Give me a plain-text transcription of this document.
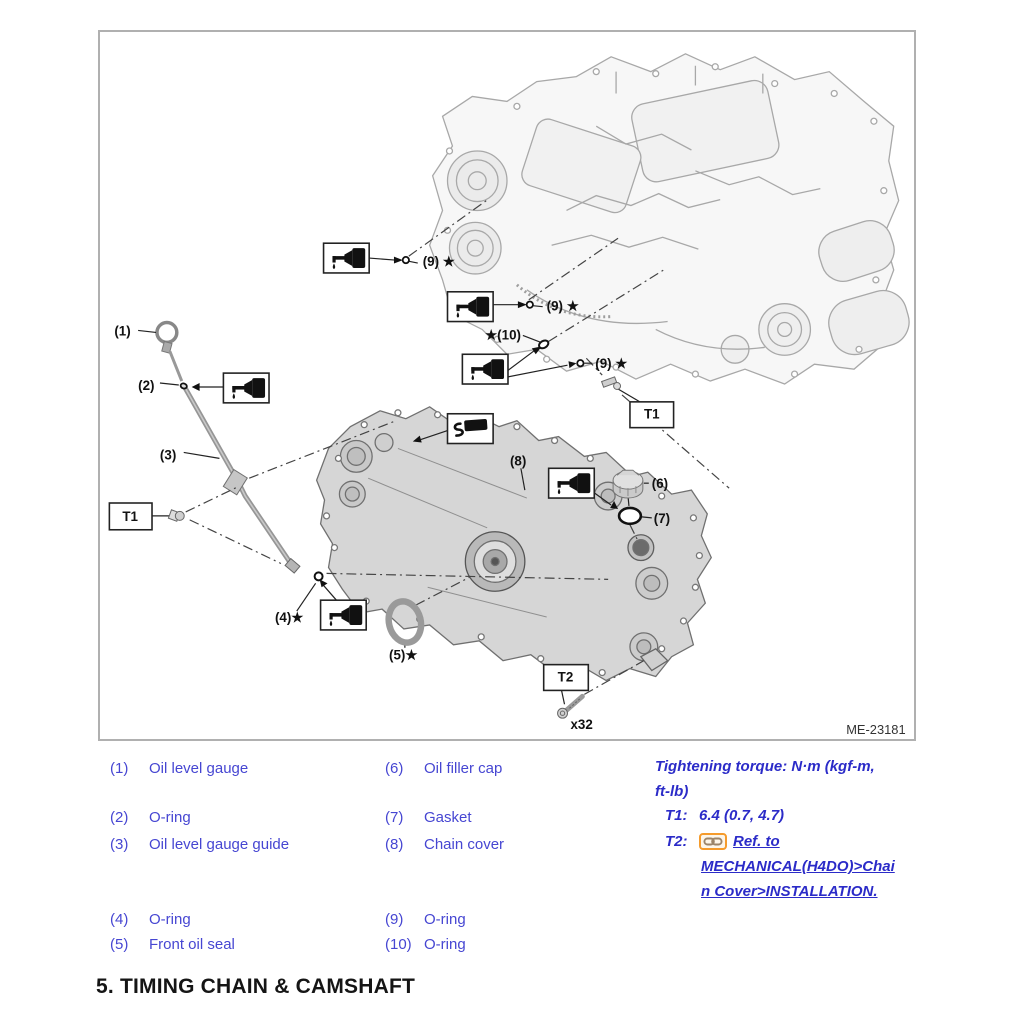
(1)
(2)
(3)
(4)★
(5)★
(6)
(7)
(8)
(9) ★
(9) ★
(9) ★
★(10)
T1
T1
T2
x32	ME-23181
(1) Oil level gauge
(2) O-ring
(3) Oil level gauge guide
(4) O-ring
(5) Front oil seal
(6) Oil filler cap
(7) Gasket
(8) Chain cover
(9) O-ring
(10) O-ring
Tightening torque: N·m (kgf-m,
ft-lb)
T1: 6.4 (0.7, 4.7)
T2:	Ref. to
MECHANICAL(H4DO)>Chai
n Cover>INSTALLATION.
5. TIMING CHAIN & CAMSHAFT
